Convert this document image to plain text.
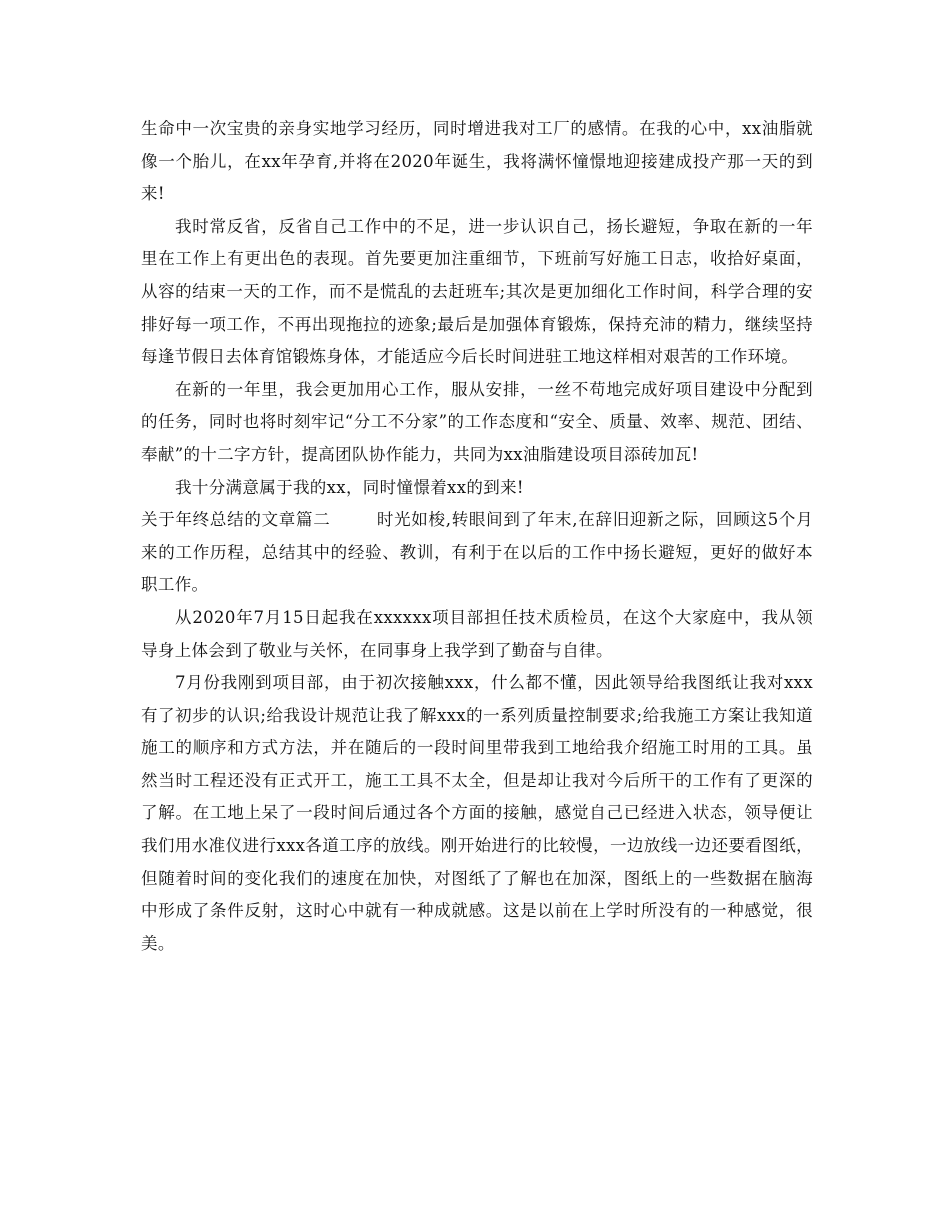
生命中一次宝贵的亲身实地学习经历，同时增进我对工厂的感情。在我的心中，xx油脂就像一个胎儿，在xx年孕育,并将在2020年诞生，我将满怀憧憬地迎接建成投产那一天的到来!

我时常反省，反省自己工作中的不足，进一步认识自己，扬长避短，争取在新的一年里在工作上有更出色的表现。首先要更加注重细节，下班前写好施工日志，收拾好桌面，从容的结束一天的工作，而不是慌乱的去赶班车;其次是更加细化工作时间，科学合理的安排好每一项工作，不再出现拖拉的迹象;最后是加强体育锻炼，保持充沛的精力，继续坚持每逢节假日去体育馆锻炼身体，才能适应今后长时间进驻工地这样相对艰苦的工作环境。

在新的一年里，我会更加用心工作，服从安排，一丝不苟地完成好项目建设中分配到的任务，同时也将时刻牢记“分工不分家”的工作态度和“安全、质量、效率、规范、团结、奉献”的十二字方针，提高团队协作能力，共同为xx油脂建设项目添砖加瓦!

我十分满意属于我的xx，同时憧憬着xx的到来!

关于年终总结的文章篇二	时光如梭,转眼间到了年末,在辞旧迎新之际，回顾这5个月来的工作历程，总结其中的经验、教训，有利于在以后的工作中扬长避短，更好的做好本职工作。

从2020年7月15日起我在xxxxxx项目部担任技术质检员，在这个大家庭中，我从领导身上体会到了敬业与关怀，在同事身上我学到了勤奋与自律。

7月份我刚到项目部，由于初次接触xxx，什么都不懂，因此领导给我图纸让我对xxx有了初步的认识;给我设计规范让我了解xxx的一系列质量控制要求;给我施工方案让我知道施工的顺序和方式方法，并在随后的一段时间里带我到工地给我介绍施工时用的工具。虽然当时工程还没有正式开工，施工工具不太全，但是却让我对今后所干的工作有了更深的了解。在工地上呆了一段时间后通过各个方面的接触，感觉自己已经进入状态，领导便让我们用水准仪进行xxx各道工序的放线。刚开始进行的比较慢，一边放线一边还要看图纸，但随着时间的变化我们的速度在加快，对图纸了了解也在加深，图纸上的一些数据在脑海中形成了条件反射，这时心中就有一种成就感。这是以前在上学时所没有的一种感觉，很美。
